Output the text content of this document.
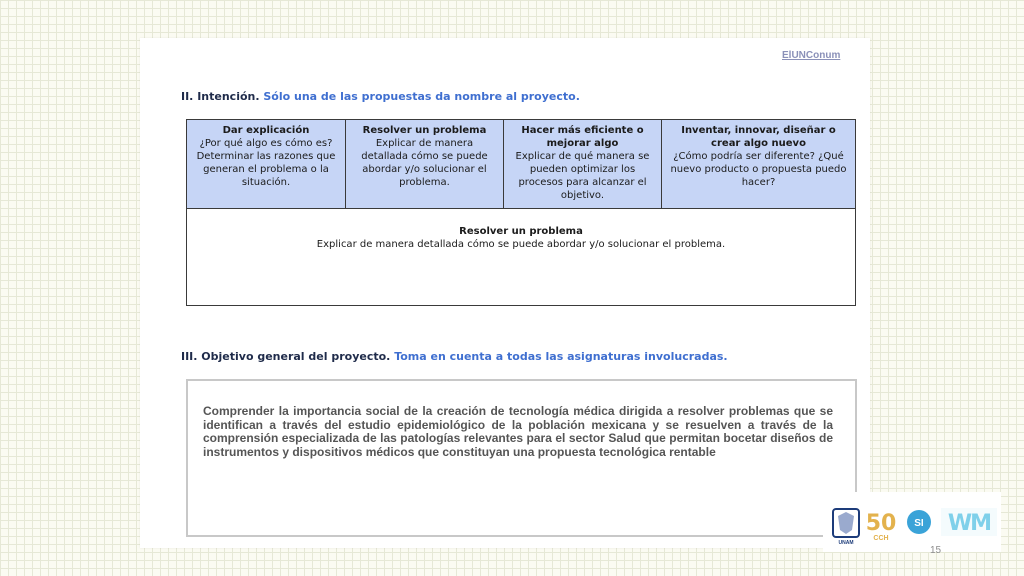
ElUNConum
II. Intención. Sólo una de las propuestas da nombre al proyecto.
Dar explicación
¿Por qué algo es cómo es? Determinar las razones que generan el problema o la situación.
Resolver un problema
Explicar de manera detallada cómo se puede abordar y/o solucionar el problema.
Hacer más eficiente o mejorar algo
Explicar de qué manera se pueden optimizar los procesos para alcanzar el objetivo.
Inventar, innovar, diseñar o crear algo nuevo
¿Cómo podría ser diferente? ¿Qué nuevo producto o propuesta puedo hacer?
Resolver un problema
Explicar de manera detallada cómo se puede abordar y/o solucionar el problema.
III. Objetivo general del proyecto. Toma en cuenta a todas las asignaturas involucradas.

Comprender la importancia social de la creación de tecnología médica dirigida a resolver problemas que se identifican a través del estudio epidemiológico de la población mexicana y se resuelven a través de la comprensión especializada de las patologías relevantes para el sector Salud que permitan bocetar diseños de instrumentos y dispositivos médicos que constituyan una propuesta tecnológica rentable

UNAM
50
CCH
SI WM
15
